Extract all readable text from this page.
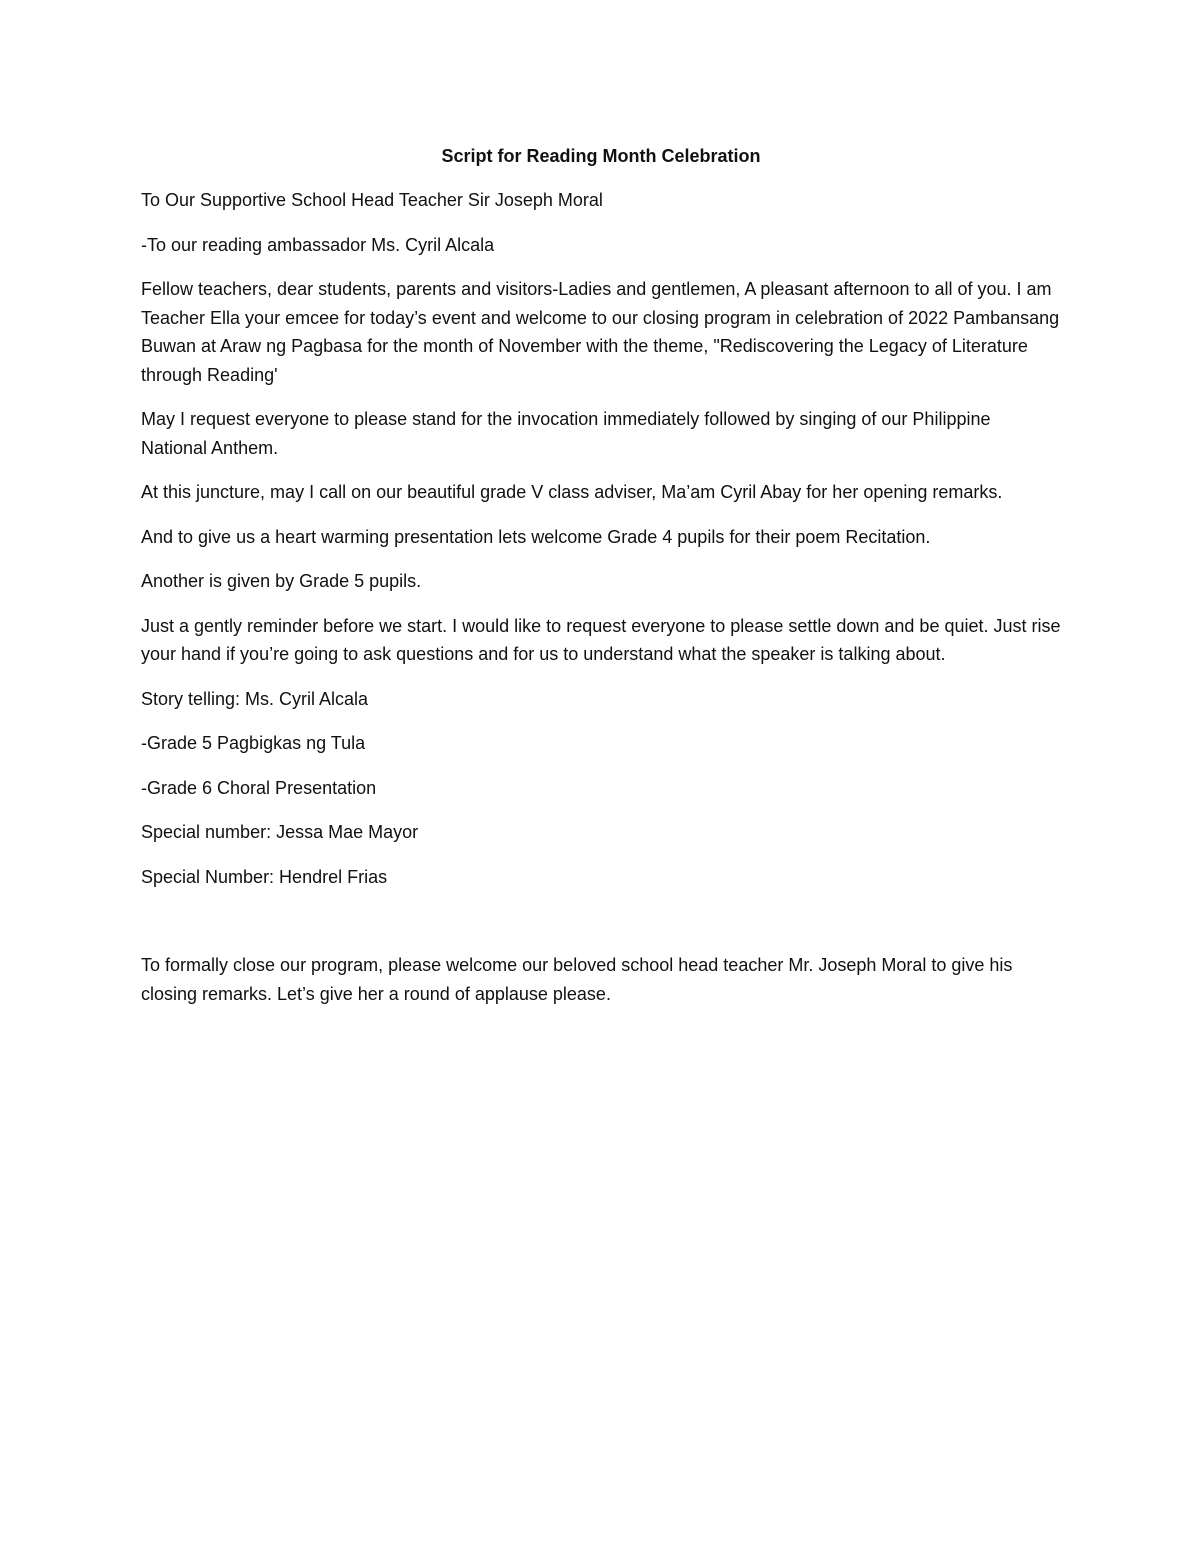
Script for Reading Month Celebration

To Our Supportive School Head Teacher Sir Joseph Moral

-To our reading ambassador Ms. Cyril Alcala

Fellow teachers, dear students, parents and visitors-Ladies and gentlemen, A pleasant afternoon to all of you. I am Teacher Ella your emcee for today’s event and welcome to our closing program in celebration of 2022 Pambansang Buwan at Araw ng Pagbasa for the month of November with the theme, "Rediscovering the Legacy of Literature through Reading'

May I request everyone to please stand for the invocation immediately followed by singing of our Philippine National Anthem.

At this juncture, may I call on our beautiful grade V class adviser, Ma’am Cyril Abay for her opening remarks.

And to give us a heart warming presentation lets welcome Grade 4 pupils for their poem Recitation.

Another is given by Grade 5 pupils.

Just a gently reminder before we start. I would like to request everyone to please settle down and be quiet. Just rise your hand if you’re going to ask questions and for us to understand what the speaker is talking about.

Story telling: Ms. Cyril Alcala

-Grade 5 Pagbigkas ng Tula

-Grade 6 Choral Presentation

Special number: Jessa Mae Mayor

Special Number: Hendrel Frias

To formally close our program, please welcome our beloved school head teacher Mr. Joseph Moral to give his closing remarks. Let’s give her a round of applause please.
